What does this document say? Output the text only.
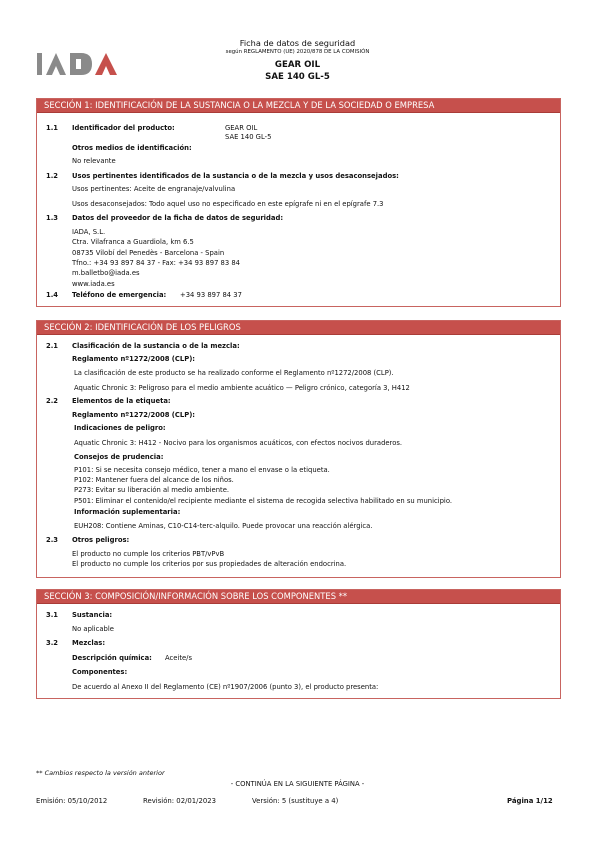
Ficha de datos de seguridad
según REGLAMENTO (UE) 2020/878 DE LA COMISIÓN
GEAR OIL
SAE 140 GL-5
SECCIÓN 1: IDENTIFICACIÓN DE LA SUSTANCIA O LA MEZCLA Y DE LA SOCIEDAD O EMPRESA
1.1 Identificador del producto:	GEAR OIL
SAE 140 GL-5
Otros medios de identificación:
No relevante
1.2 Usos pertinentes identificados de la sustancia o de la mezcla y usos desaconsejados:
Usos pertinentes: Aceite de engranaje/valvulina
Usos desaconsejados: Todo aquel uso no especificado en este epígrafe ni en el epígrafe 7.3
1.3 Datos del proveedor de la ficha de datos de seguridad:
IADA, S.L.
Ctra. Vilafranca a Guardiola, km 6.5
08735 Vilobí del Penedès - Barcelona - Spain
Tfno.: +34 93 897 84 37 - Fax: +34 93 897 83 84
m.balletbo@iada.es
www.iada.es
1.4 Teléfono de emergencia: +34 93 897 84 37
SECCIÓN 2: IDENTIFICACIÓN DE LOS PELIGROS
2.1 Clasificación de la sustancia o de la mezcla:
Reglamento nº1272/2008 (CLP):
La clasificación de este producto se ha realizado conforme el Reglamento nº1272/2008 (CLP).
Aquatic Chronic 3: Peligroso para el medio ambiente acuático — Peligro crónico, categoría 3, H412
2.2 Elementos de la etiqueta:
Reglamento nº1272/2008 (CLP):
Indicaciones de peligro:
Aquatic Chronic 3: H412 - Nocivo para los organismos acuáticos, con efectos nocivos duraderos.
Consejos de prudencia:
P101: Si se necesita consejo médico, tener a mano el envase o la etiqueta.
P102: Mantener fuera del alcance de los niños.
P273: Evitar su liberación al medio ambiente.
P501: Eliminar el contenido/el recipiente mediante el sistema de recogida selectiva habilitado en su municipio.
Información suplementaria:
EUH208: Contiene Aminas, C10-C14-terc-alquilo. Puede provocar una reacción alérgica.
2.3 Otros peligros:
El producto no cumple los criterios PBT/vPvB
El producto no cumple los criterios por sus propiedades de alteración endocrina.
SECCIÓN 3: COMPOSICIÓN/INFORMACIÓN SOBRE LOS COMPONENTES **
3.1 Sustancia:
No aplicable
3.2 Mezclas:
Descripción química: Aceite/s
Componentes:
De acuerdo al Anexo II del Reglamento (CE) nº1907/2006 (punto 3), el producto presenta:
** Cambios respecto la versión anterior
- CONTINÚA EN LA SIGUIENTE PÁGINA -
Emisión: 05/10/2012	Revisión: 02/01/2023	Versión: 5 (sustituye a 4)	Página 1/12
